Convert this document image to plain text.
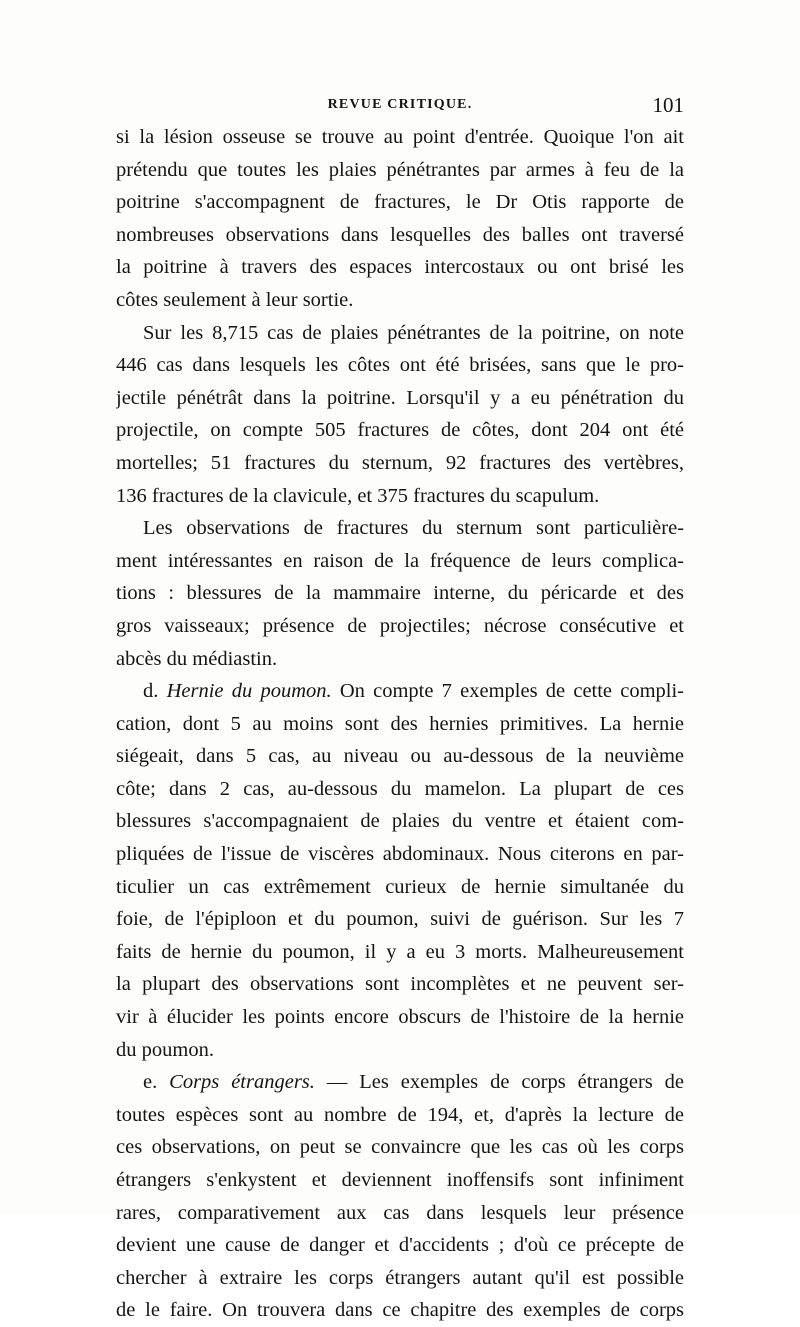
REVUE CRITIQUE.	101
si la lésion osseuse se trouve au point d'entrée. Quoique l'on ait
prétendu que toutes les plaies pénétrantes par armes à feu de la
poitrine s'accompagnent de fractures, le Dr Otis rapporte de
nombreuses observations dans lesquelles des balles ont traversé
la poitrine à travers des espaces intercostaux ou ont brisé les
côtes seulement à leur sortie.
Sur les 8,715 cas de plaies pénétrantes de la poitrine, on note
446 cas dans lesquels les côtes ont été brisées, sans que le pro-
jectile pénétrât dans la poitrine. Lorsqu'il y a eu pénétration du
projectile, on compte 505 fractures de côtes, dont 204 ont été
mortelles; 51 fractures du sternum, 92 fractures des vertèbres,
136 fractures de la clavicule, et 375 fractures du scapulum.
Les observations de fractures du sternum sont particulière-
ment intéressantes en raison de la fréquence de leurs complica-
tions : blessures de la mammaire interne, du péricarde et des
gros vaisseaux; présence de projectiles; nécrose consécutive et
abcès du médiastin.
d. Hernie du poumon. On compte 7 exemples de cette compli-
cation, dont 5 au moins sont des hernies primitives. La hernie
siégeait, dans 5 cas, au niveau ou au-dessous de la neuvième
côte; dans 2 cas, au-dessous du mamelon. La plupart de ces
blessures s'accompagnaient de plaies du ventre et étaient com-
pliquées de l'issue de viscères abdominaux. Nous citerons en par-
ticulier un cas extrêmement curieux de hernie simultanée du
foie, de l'épiploon et du poumon, suivi de guérison. Sur les 7
faits de hernie du poumon, il y a eu 3 morts. Malheureusement
la plupart des observations sont incomplètes et ne peuvent ser-
vir à élucider les points encore obscurs de l'histoire de la hernie
du poumon.
e. Corps étrangers. — Les exemples de corps étrangers de
toutes espèces sont au nombre de 194, et, d'après la lecture de
ces observations, on peut se convaincre que les cas où les corps
étrangers s'enkystent et deviennent inoffensifs sont infiniment
rares, comparativement aux cas dans lesquels leur présence
devient une cause de danger et d'accidents ; d'où ce précepte de
chercher à extraire les corps étrangers autant qu'il est possible
de le faire. On trouvera dans ce chapitre des exemples de corps
